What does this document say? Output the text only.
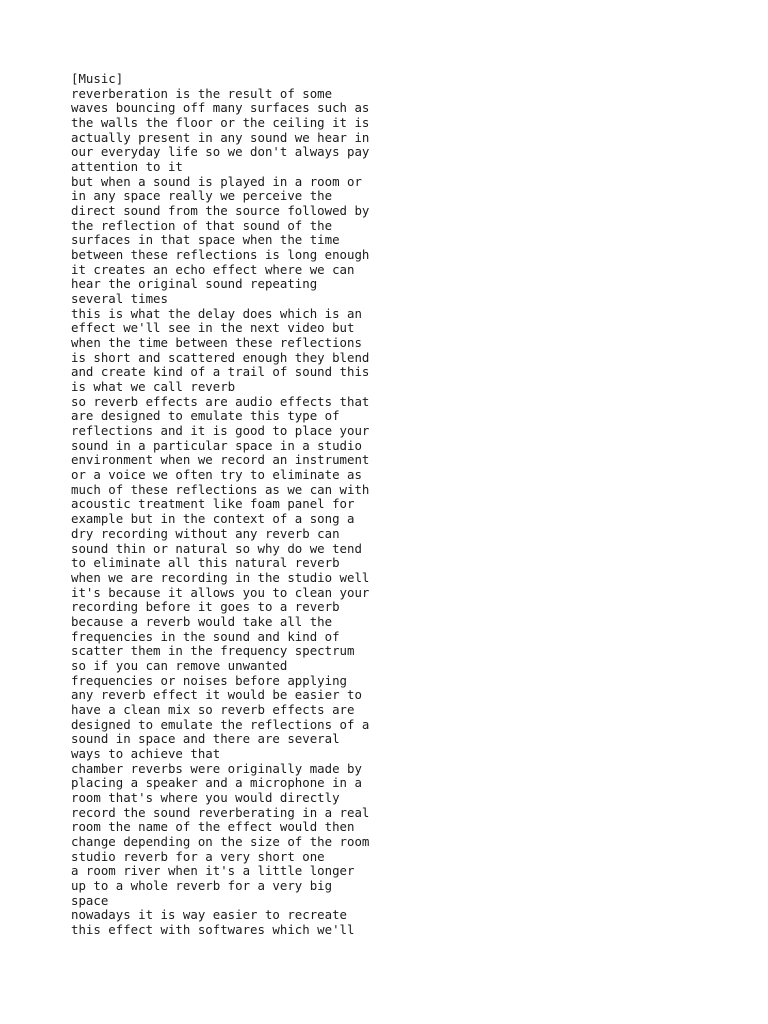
[Music]
reverberation is the result of some
waves bouncing off many surfaces such as
the walls the floor or the ceiling it is
actually present in any sound we hear in
our everyday life so we don't always pay
attention to it
but when a sound is played in a room or
in any space really we perceive the
direct sound from the source followed by
the reflection of that sound of the
surfaces in that space when the time
between these reflections is long enough
it creates an echo effect where we can
hear the original sound repeating
several times
this is what the delay does which is an
effect we'll see in the next video but
when the time between these reflections
is short and scattered enough they blend
and create kind of a trail of sound this
is what we call reverb
so reverb effects are audio effects that
are designed to emulate this type of
reflections and it is good to place your
sound in a particular space in a studio
environment when we record an instrument
or a voice we often try to eliminate as
much of these reflections as we can with
acoustic treatment like foam panel for
example but in the context of a song a
dry recording without any reverb can
sound thin or natural so why do we tend
to eliminate all this natural reverb
when we are recording in the studio well
it's because it allows you to clean your
recording before it goes to a reverb
because a reverb would take all the
frequencies in the sound and kind of
scatter them in the frequency spectrum
so if you can remove unwanted
frequencies or noises before applying
any reverb effect it would be easier to
have a clean mix so reverb effects are
designed to emulate the reflections of a
sound in space and there are several
ways to achieve that
chamber reverbs were originally made by
placing a speaker and a microphone in a
room that's where you would directly
record the sound reverberating in a real
room the name of the effect would then
change depending on the size of the room
studio reverb for a very short one
a room river when it's a little longer
up to a whole reverb for a very big
space
nowadays it is way easier to recreate
this effect with softwares which we'll
